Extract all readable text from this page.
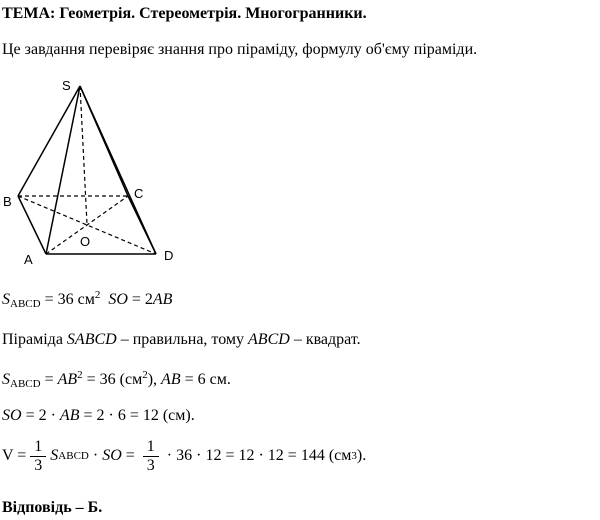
ТЕМА: Геометрія. Стереометрія. Многогранники.
Це завдання перевіряє знання про піраміду, формулу об'єму піраміди.
S
B
C
O
A	D
$S_{ABCD} = 36$ $см^2$ SO = 2AB
Піраміда SABCD – правильна, тому ABCD – квадрат.
$S_{ABCD} = AB^2 = 36$ $(см^2)$, AB = 6 см.
SO = 2 · AB = 2 · 6 = 12 (см).
$V = \frac{1}{3}$ S ABCD · SO = $\frac{1}{3} \cdot 36 \cdot 12 = 12 \cdot 12 = 144$ (см 3 ).
Відповідь – Б.
